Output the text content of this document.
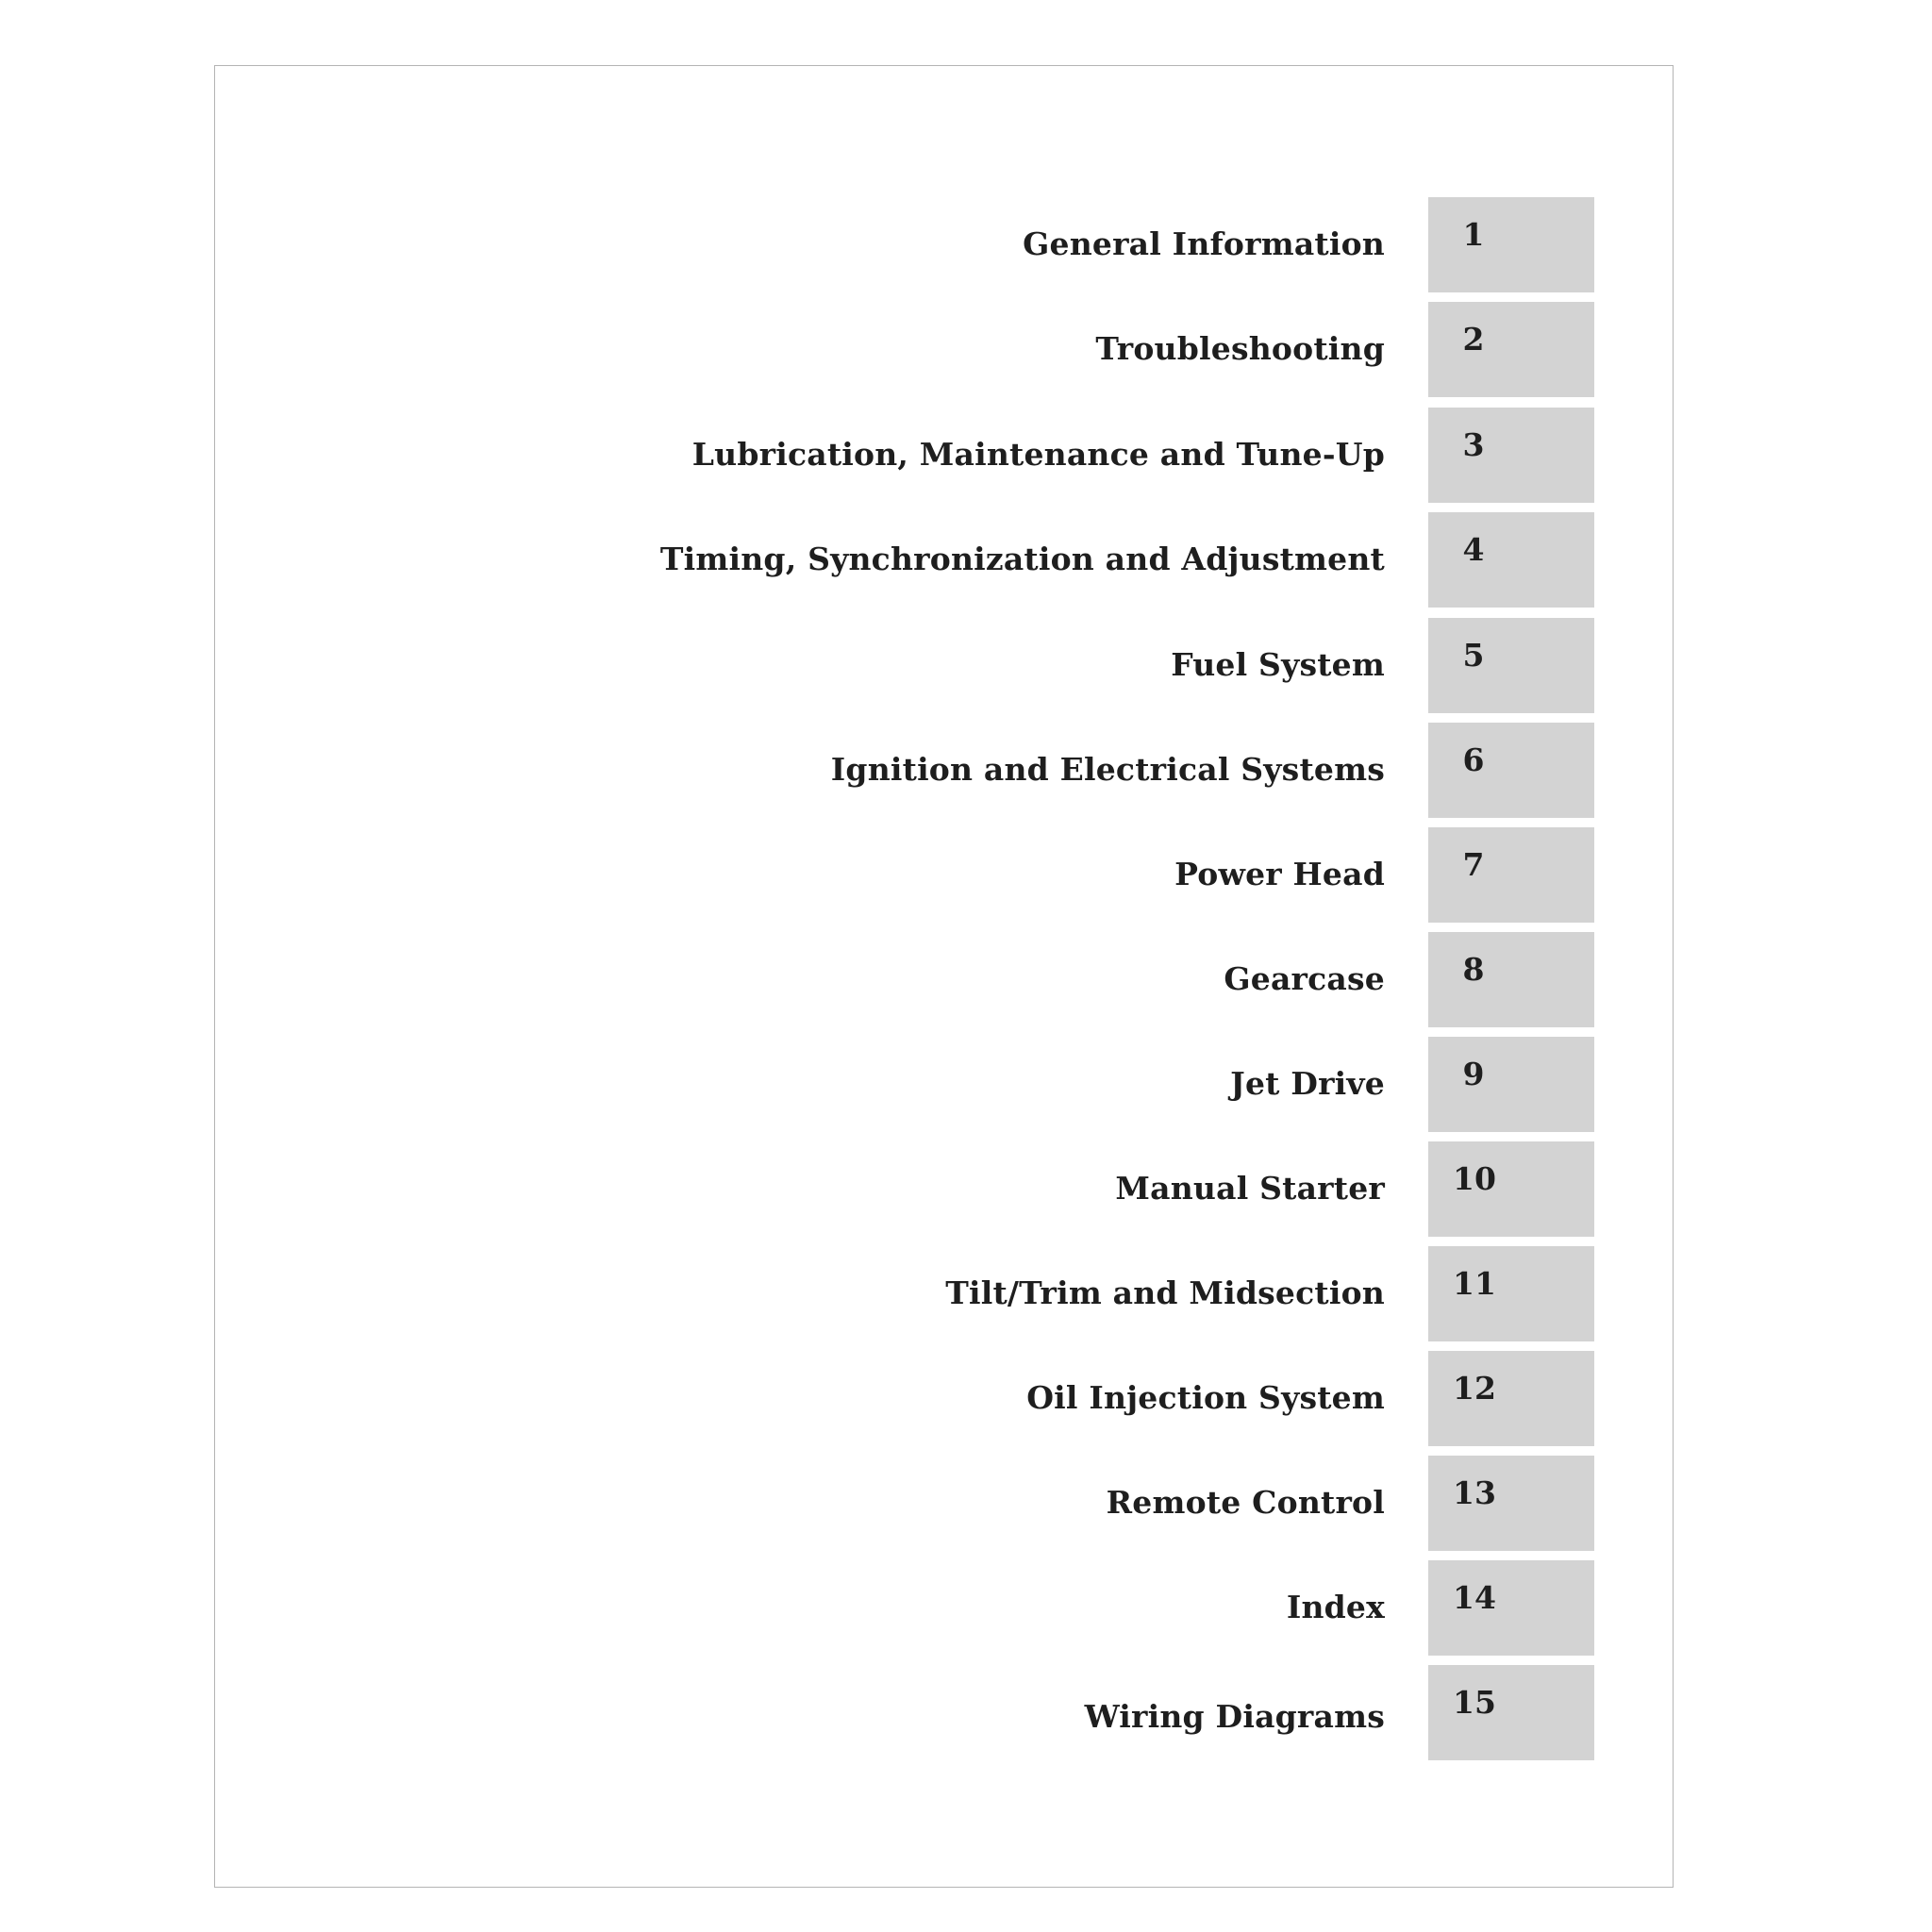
General Information	1
Troubleshooting	2
Lubrication, Maintenance and Tune-Up	3
Timing, Synchronization and Adjustment	4
Fuel System	5
Ignition and Electrical Systems	6
Power Head	7
Gearcase	8
Jet Drive	9
Manual Starter 10
Tilt/Trim and Midsection 11
Oil Injection System 12
Remote Control 13
Index 14
Wiring Diagrams 15
